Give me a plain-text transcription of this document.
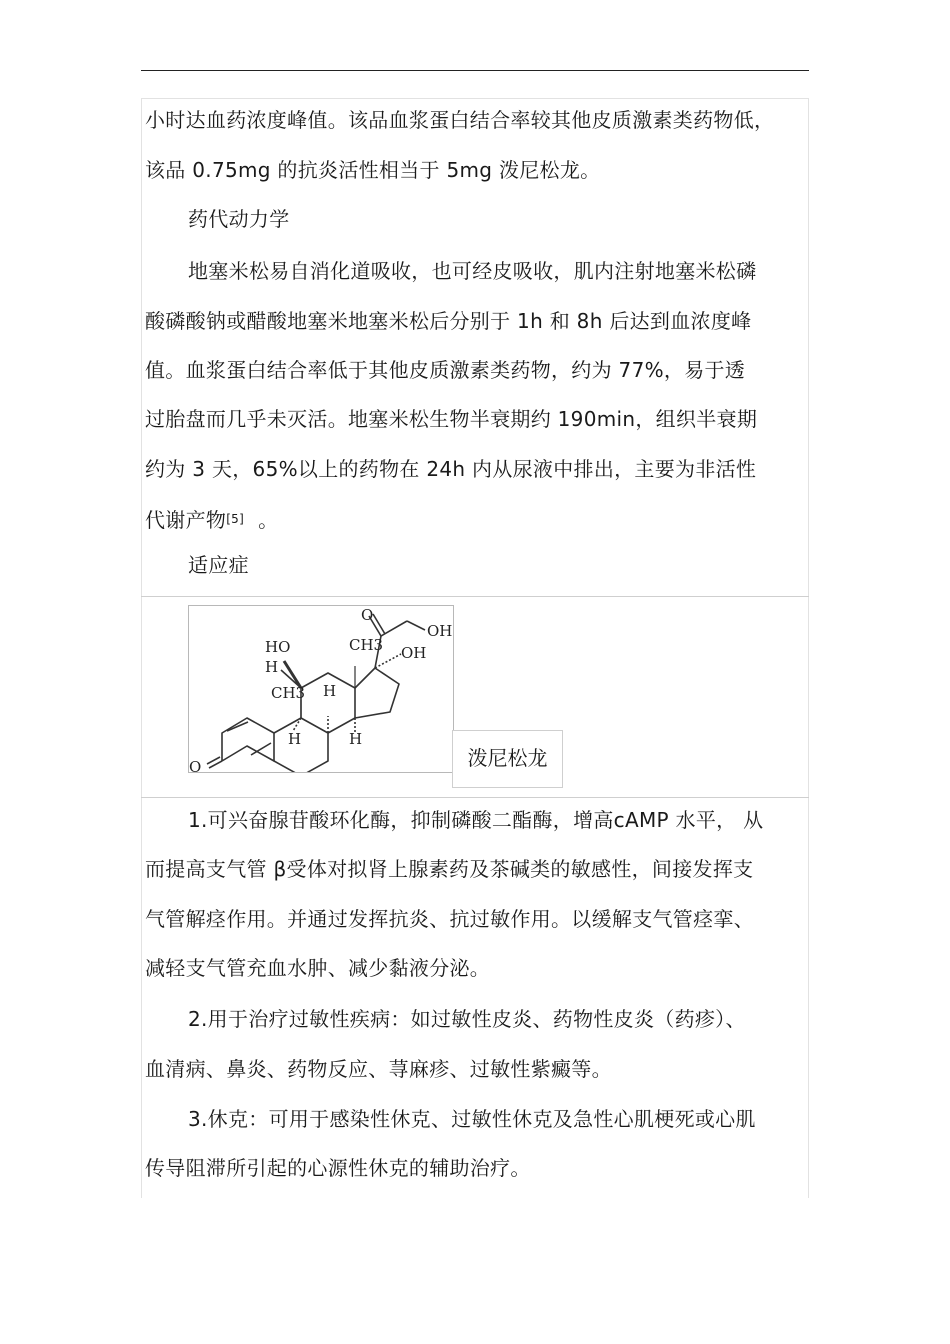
小时达血药浓度峰值。该品血浆蛋白结合率较其他皮质激素类药物低，
该品 0.75mg 的抗炎活性相当于 5mg 泼尼松龙。
药代动力学
地塞米松易自消化道吸收，也可经皮吸收，肌内注射地塞米松磷
酸磷酸钠或醋酸地塞米地塞米松后分别于 1h 和 8h 后达到血浓度峰
值。血浆蛋白结合率低于其他皮质激素类药物，约为 77%，易于透
过胎盘而几乎未灭活。地塞米松生物半衰期约 190min，组织半衰期
约为 3 天，65%以上的药物在 24h 内从尿液中排出，主要为非活性
代谢产物[5] 。
适应症
O
O
OH
OH
CH3
HO
H
CH3 H
H	H
泼尼松龙
1.可兴奋腺苷酸环化酶，抑制磷酸二酯酶，增高cAMP 水平， 从
而提高支气管 β受体对拟肾上腺素药及茶碱类的敏感性，间接发挥支
气管解痉作用。并通过发挥抗炎、抗过敏作用。以缓解支气管痉挛、
减轻支气管充血水肿、减少黏液分泌。
2.用于治疗过敏性疾病：如过敏性皮炎、药物性皮炎（药疹）、
血清病、鼻炎、药物反应、荨麻疹、过敏性紫癜等。
3.休克：可用于感染性休克、过敏性休克及急性心肌梗死或心肌
传导阻滞所引起的心源性休克的辅助治疗。
